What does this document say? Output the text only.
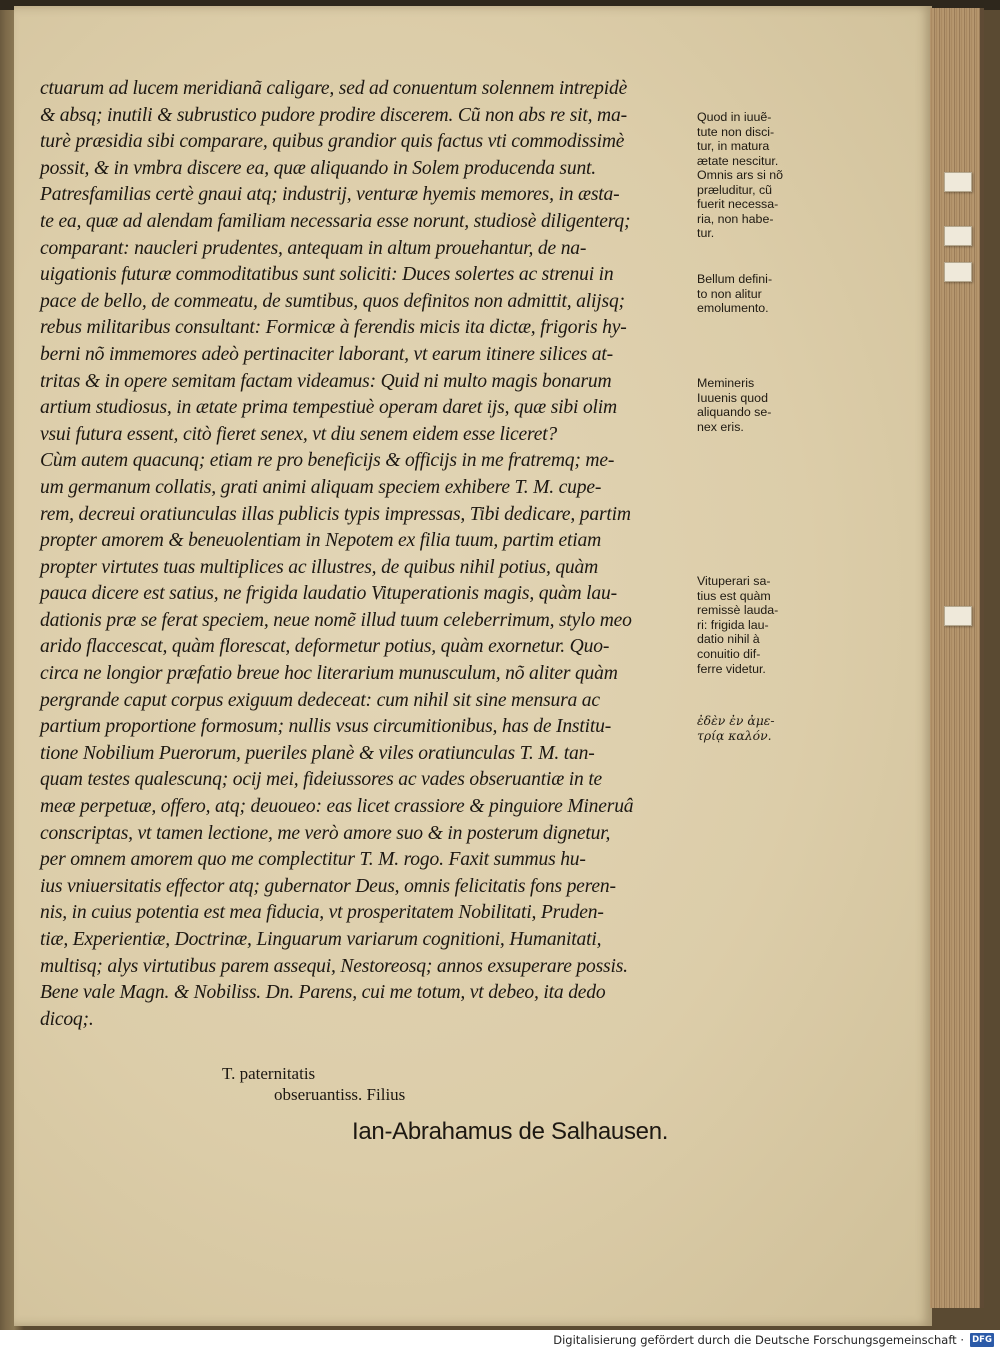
ctuarum ad lucem meridianã caligare, sed ad conuentum solennem intrepidè
& absq; inutili & subrustico pudore prodire discerem. Cũ non abs re sit, ma-
turè præsidia sibi comparare, quibus grandior quis factus vti commodissimè
possit, & in vmbra discere ea, quæ aliquando in Solem producenda sunt.
Patresfamilias certè gnaui atq; industrij, venturæ hyemis memores, in æsta-
te ea, quæ ad alendam familiam necessaria esse norunt, studiosè diligenterq;
comparant: naucleri prudentes, antequam in altum prouehantur, de na-
uigationis futuræ commoditatibus sunt soliciti: Duces solertes ac strenui in
pace de bello, de commeatu, de sumtibus, quos definitos non admittit, alijsq;
rebus militaribus consultant: Formicæ à ferendis micis ita dictæ, frigoris hy-
berni nõ immemores adeò pertinaciter laborant, vt earum itinere silices at-
tritas & in opere semitam factam videamus: Quid ni multo magis bonarum
artium studiosus, in ætate prima tempestiuè operam daret ijs, quæ sibi olim
vsui futura essent, citò fieret senex, vt diu senem eidem esse liceret?
Cùm autem quacunq; etiam re pro beneficijs & officijs in me fratremq; me-
um germanum collatis, grati animi aliquam speciem exhibere T. M. cupe-
rem, decreui oratiunculas illas publicis typis impressas, Tibi dedicare, partim
propter amorem & beneuolentiam in Nepotem ex filia tuum, partim etiam
propter virtutes tuas multiplices ac illustres, de quibus nihil potius, quàm
pauca dicere est satius, ne frigida laudatio Vituperationis magis, quàm lau-
dationis præ se ferat speciem, neue nomẽ illud tuum celeberrimum, stylo meo
arido flaccescat, quàm florescat, deformetur potius, quàm exornetur. Quo-
circa ne longior præfatio breue hoc literarium munusculum, nõ aliter quàm
pergrande caput corpus exiguum dedeceat: cum nihil sit sine mensura ac
partium proportione formosum; nullis vsus circumitionibus, has de Institu-
tione Nobilium Puerorum, pueriles planè & viles oratiunculas T. M. tan-
quam testes qualescunq; ocij mei, fideiussores ac vades obseruantiæ in te
meæ perpetuæ, offero, atq; deuoueo: eas licet crassiore & pinguiore Mineruâ
conscriptas, vt tamen lectione, me verò amore suo & in posterum dignetur,
per omnem amorem quo me complectitur T. M. rogo. Faxit summus hu-
ius vniuersitatis effector atq; gubernator Deus, omnis felicitatis fons peren-
nis, in cuius potentia est mea fiducia, vt prosperitatem Nobilitati, Pruden-
tiæ, Experientiæ, Doctrinæ, Linguarum variarum cognitioni, Humanitati,
multisq; alys virtutibus parem assequi, Nestoreosq; annos exsuperare possis.
Bene vale Magn. & Nobiliss. Dn. Parens, cui me totum, vt debeo, ita dedo
dicoq;.
Quod in iuuẽ-
tute non disci-
tur, in matura
ætate nescitur.
Omnis ars si nõ
præluditur, cũ
fuerit necessa-
ria, non habe-
tur.
Bellum defini-
to non alitur
emolumento.
Memineris
Iuuenis quod
aliquando se-
nex eris.
Vituperari sa-
tius est quàm
remissè lauda-
ri: frigida lau-
datio nihil à
conuitio dif-
ferre videtur.
ἐδὲν ἐν ἀμε-
τρίᾳ καλόν.
T. paternitatis
obseruantiss. Filius
Ian-Abrahamus de Salhausen.
Digitalisierung gefördert durch die Deutsche Forschungsgemeinschaft · DFG
